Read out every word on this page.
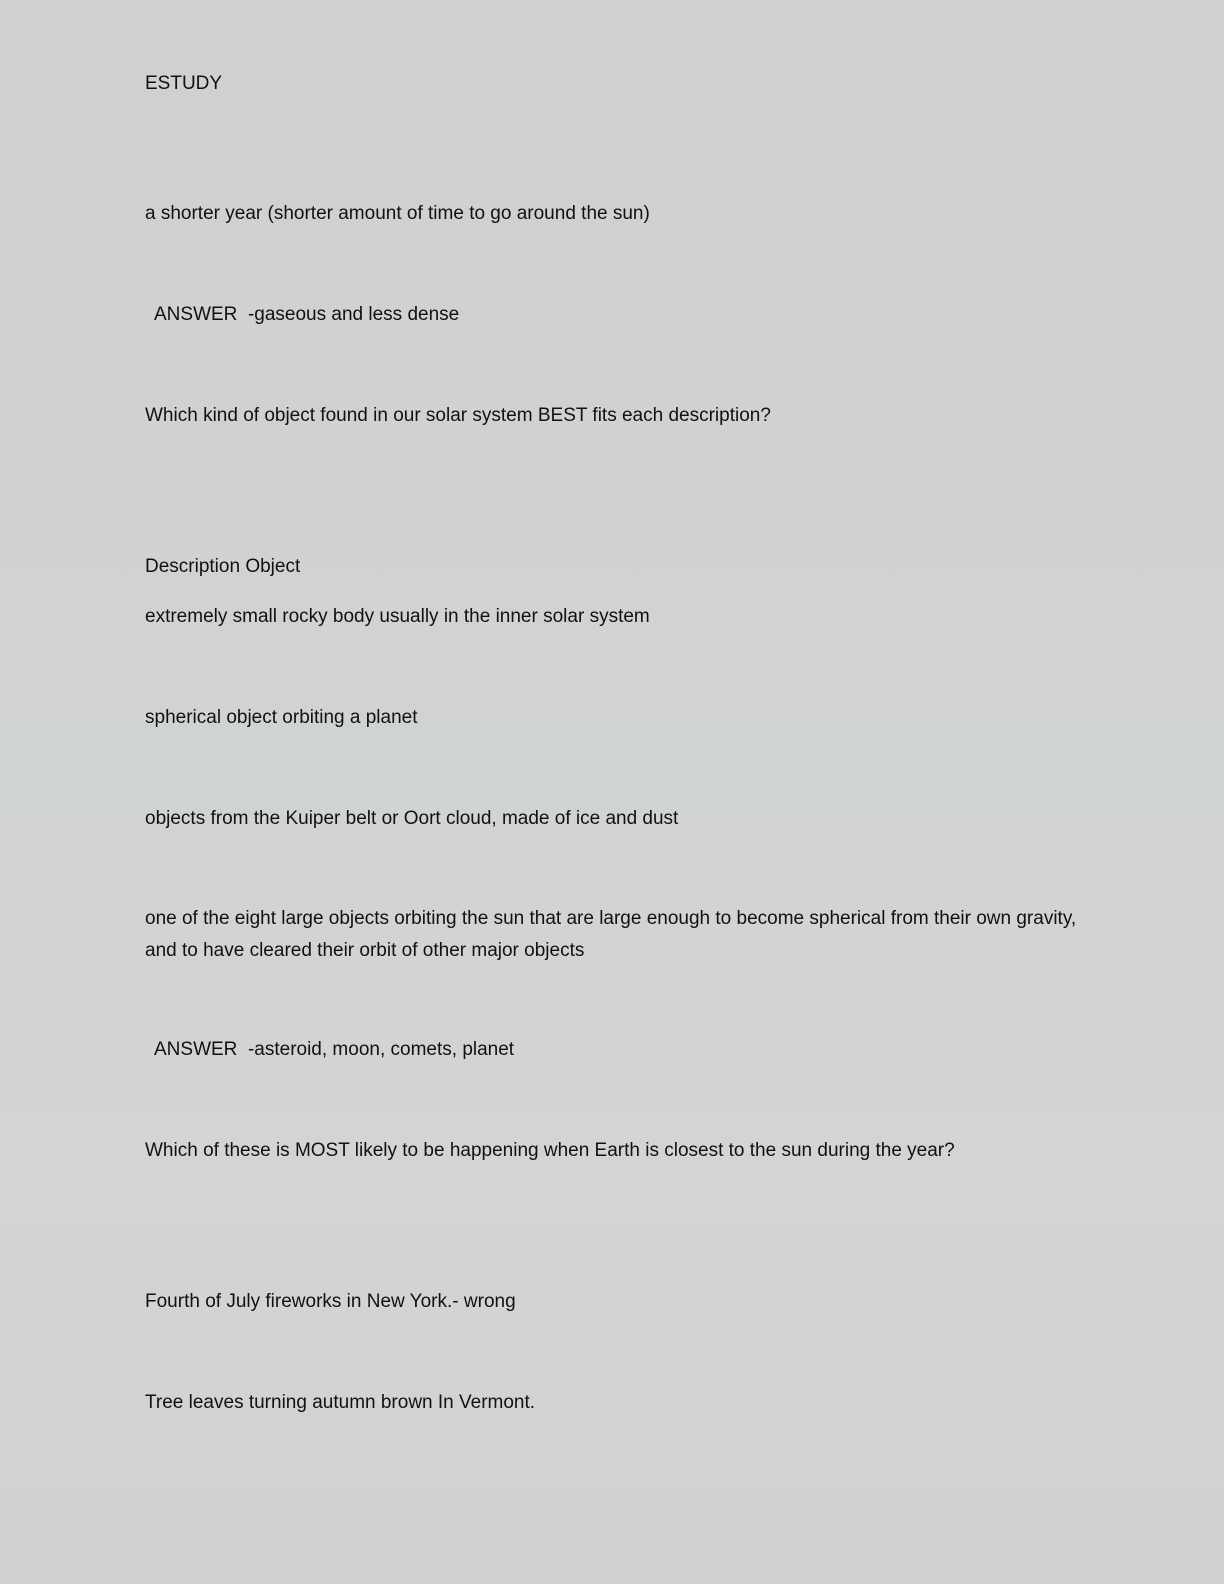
ESTUDY
a shorter year (shorter amount of time to go around the sun)
ANSWER  -gaseous and less dense
Which kind of object found in our solar system BEST fits each description?
Description Object
extremely small rocky body usually in the inner solar system
spherical object orbiting a planet
objects from the Kuiper belt or Oort cloud, made of ice and dust
one of the eight large objects orbiting the sun that are large enough to become spherical from their own gravity, and to have cleared their orbit of other major objects
ANSWER  -asteroid, moon, comets, planet
Which of these is MOST likely to be happening when Earth is closest to the sun during the year?
Fourth of July fireworks in New York.- wrong
Tree leaves turning autumn brown In Vermont.
